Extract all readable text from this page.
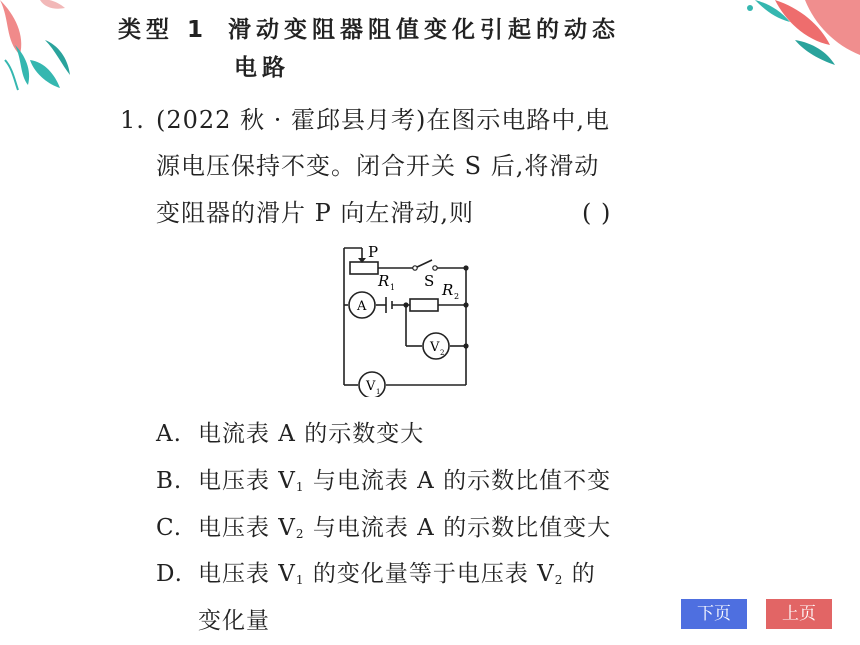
类型 1 滑动变阻器阻值变化引起的动态
电路
1. (2022 秋 · 霍邱县月考)在图示电路中,电
源电压保持不变。闭合开关 S 后,将滑动
变阻器的滑片 P 向左滑动,则	( )
P
R 1 S R 2
A
V 2
V 1
A. 电流表 A 的示数变大
B. 电压表 $V_1$ 与电流表 A 的示数比值不变
C. 电压表 $V_2$ 与电流表 A 的示数比值变大
D. 电压表 $V_1$ 的变化量等于电压表 $V_2$ 的
变化量	下页	上页
